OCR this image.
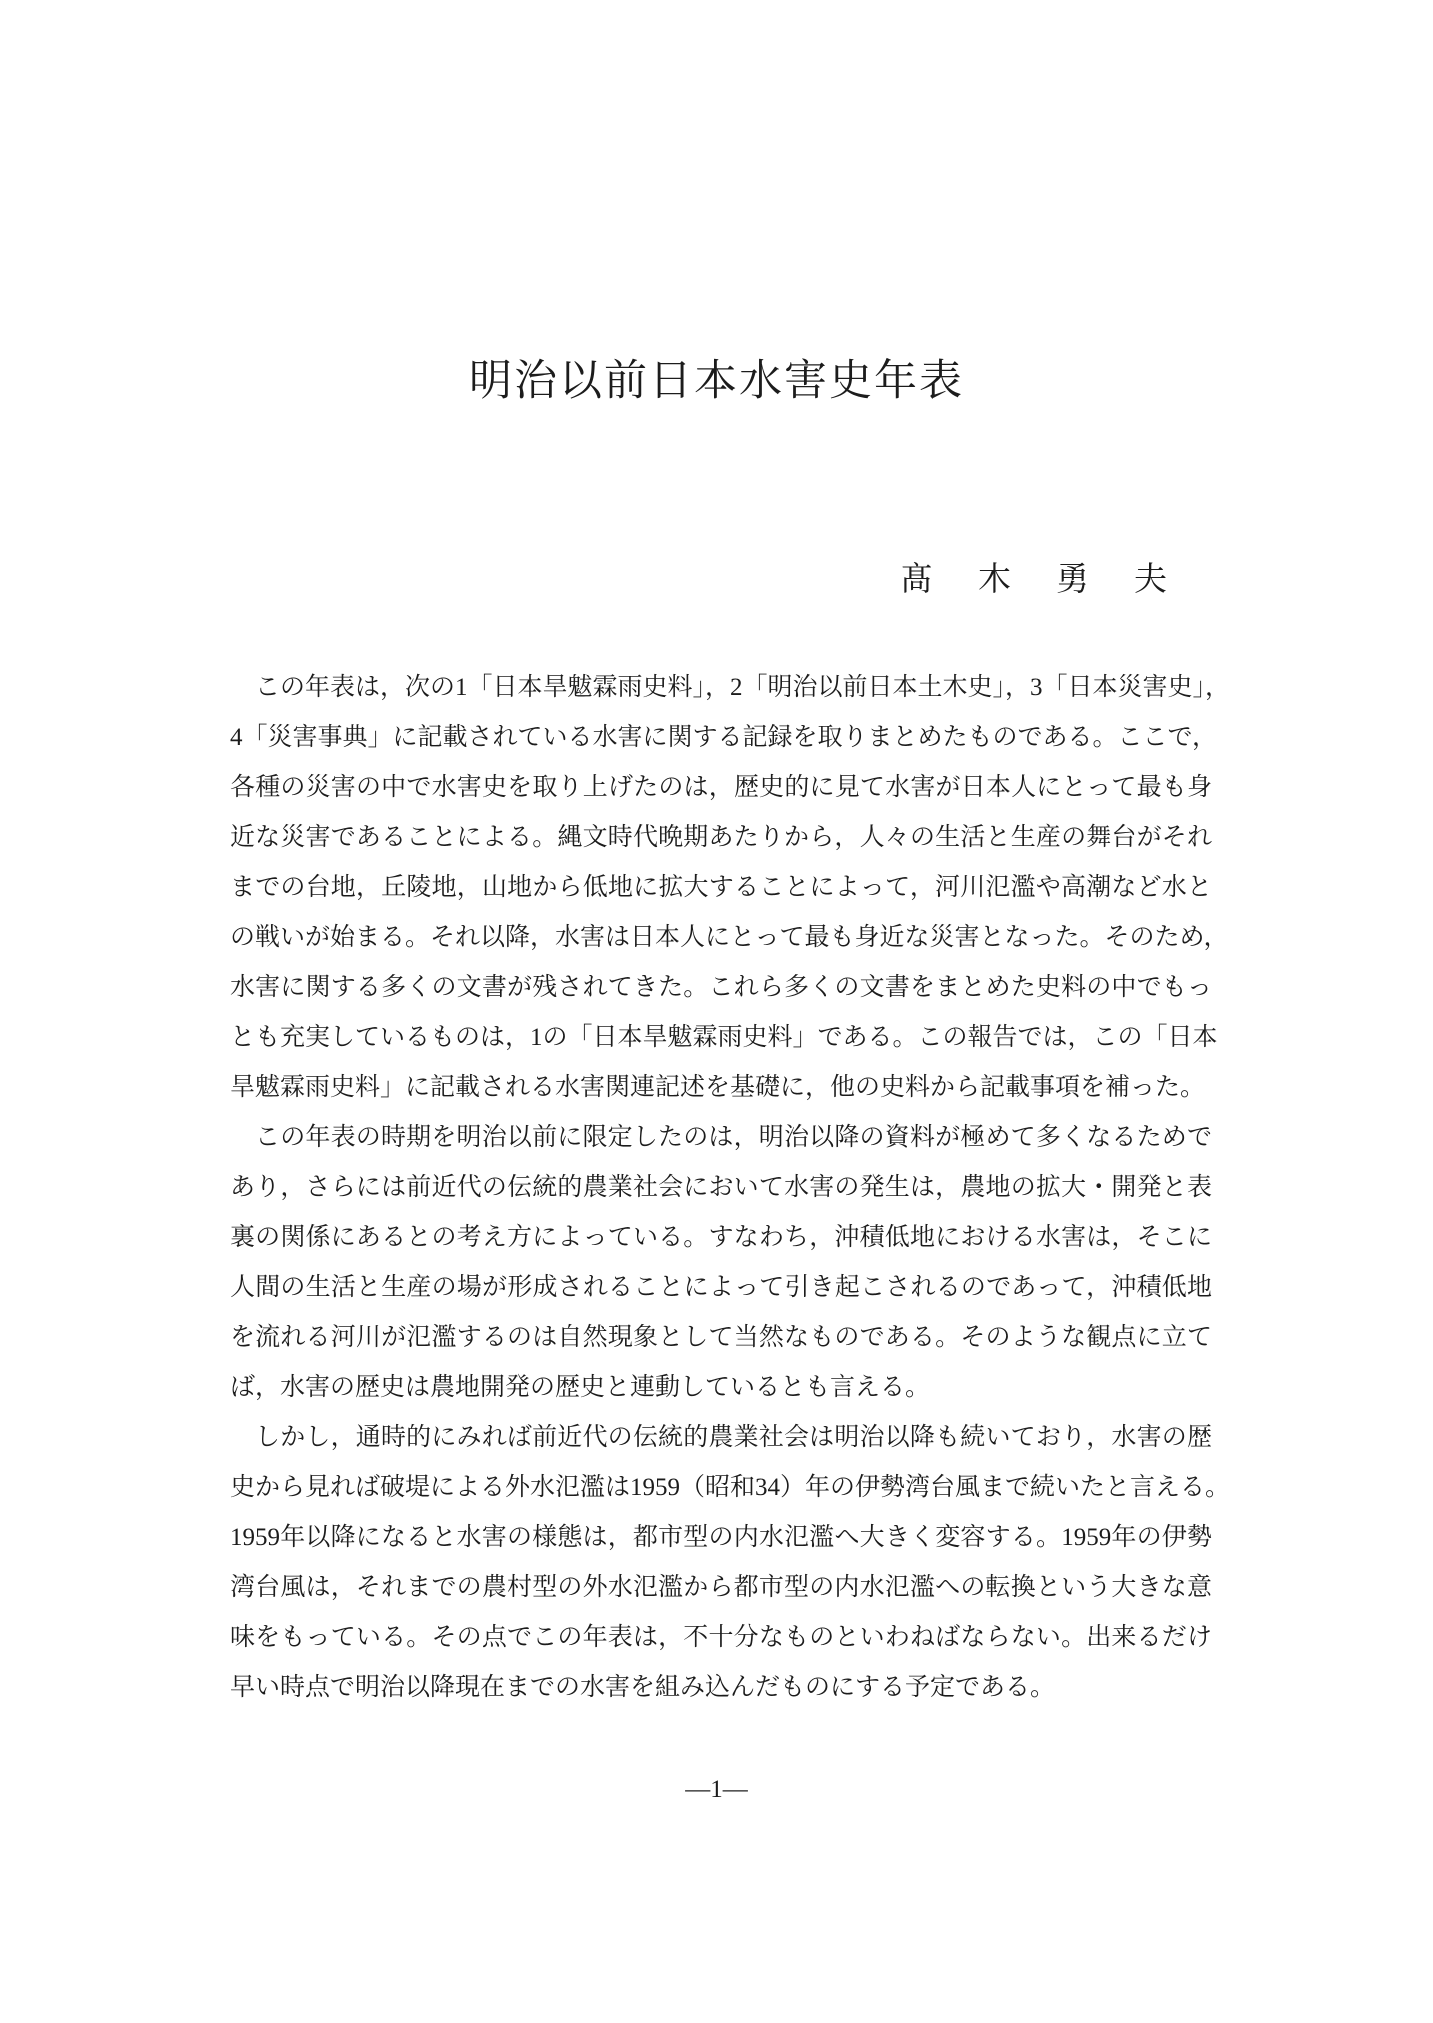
明治以前日本水害史年表
髙　木　勇　夫
この年表は，次の1「日本旱魃霖雨史料」，2「明治以前日本土木史」，3「日本災害史」，
4「災害事典」に記載されている水害に関する記録を取りまとめたものである。ここで，
各種の災害の中で水害史を取り上げたのは，歴史的に見て水害が日本人にとって最も身
近な災害であることによる。縄文時代晩期あたりから，人々の生活と生産の舞台がそれ
までの台地，丘陵地，山地から低地に拡大することによって，河川氾濫や高潮など水と
の戦いが始まる。それ以降，水害は日本人にとって最も身近な災害となった。そのため，
水害に関する多くの文書が残されてきた。これら多くの文書をまとめた史料の中でもっ
とも充実しているものは，1の「日本旱魃霖雨史料」である。この報告では，この「日本
旱魃霖雨史料」に記載される水害関連記述を基礎に，他の史料から記載事項を補った。
この年表の時期を明治以前に限定したのは，明治以降の資料が極めて多くなるためで
あり，さらには前近代の伝統的農業社会において水害の発生は，農地の拡大・開発と表
裏の関係にあるとの考え方によっている。すなわち，沖積低地における水害は，そこに
人間の生活と生産の場が形成されることによって引き起こされるのであって，沖積低地
を流れる河川が氾濫するのは自然現象として当然なものである。そのような観点に立て
ば，水害の歴史は農地開発の歴史と連動しているとも言える。
しかし，通時的にみれば前近代の伝統的農業社会は明治以降も続いており，水害の歴
史から見れば破堤による外水氾濫は1959（昭和34）年の伊勢湾台風まで続いたと言える。
1959年以降になると水害の様態は，都市型の内水氾濫へ大きく変容する。1959年の伊勢
湾台風は，それまでの農村型の外水氾濫から都市型の内水氾濫への転換という大きな意
味をもっている。その点でこの年表は，不十分なものといわねばならない。出来るだけ
早い時点で明治以降現在までの水害を組み込んだものにする予定である。
―1―
